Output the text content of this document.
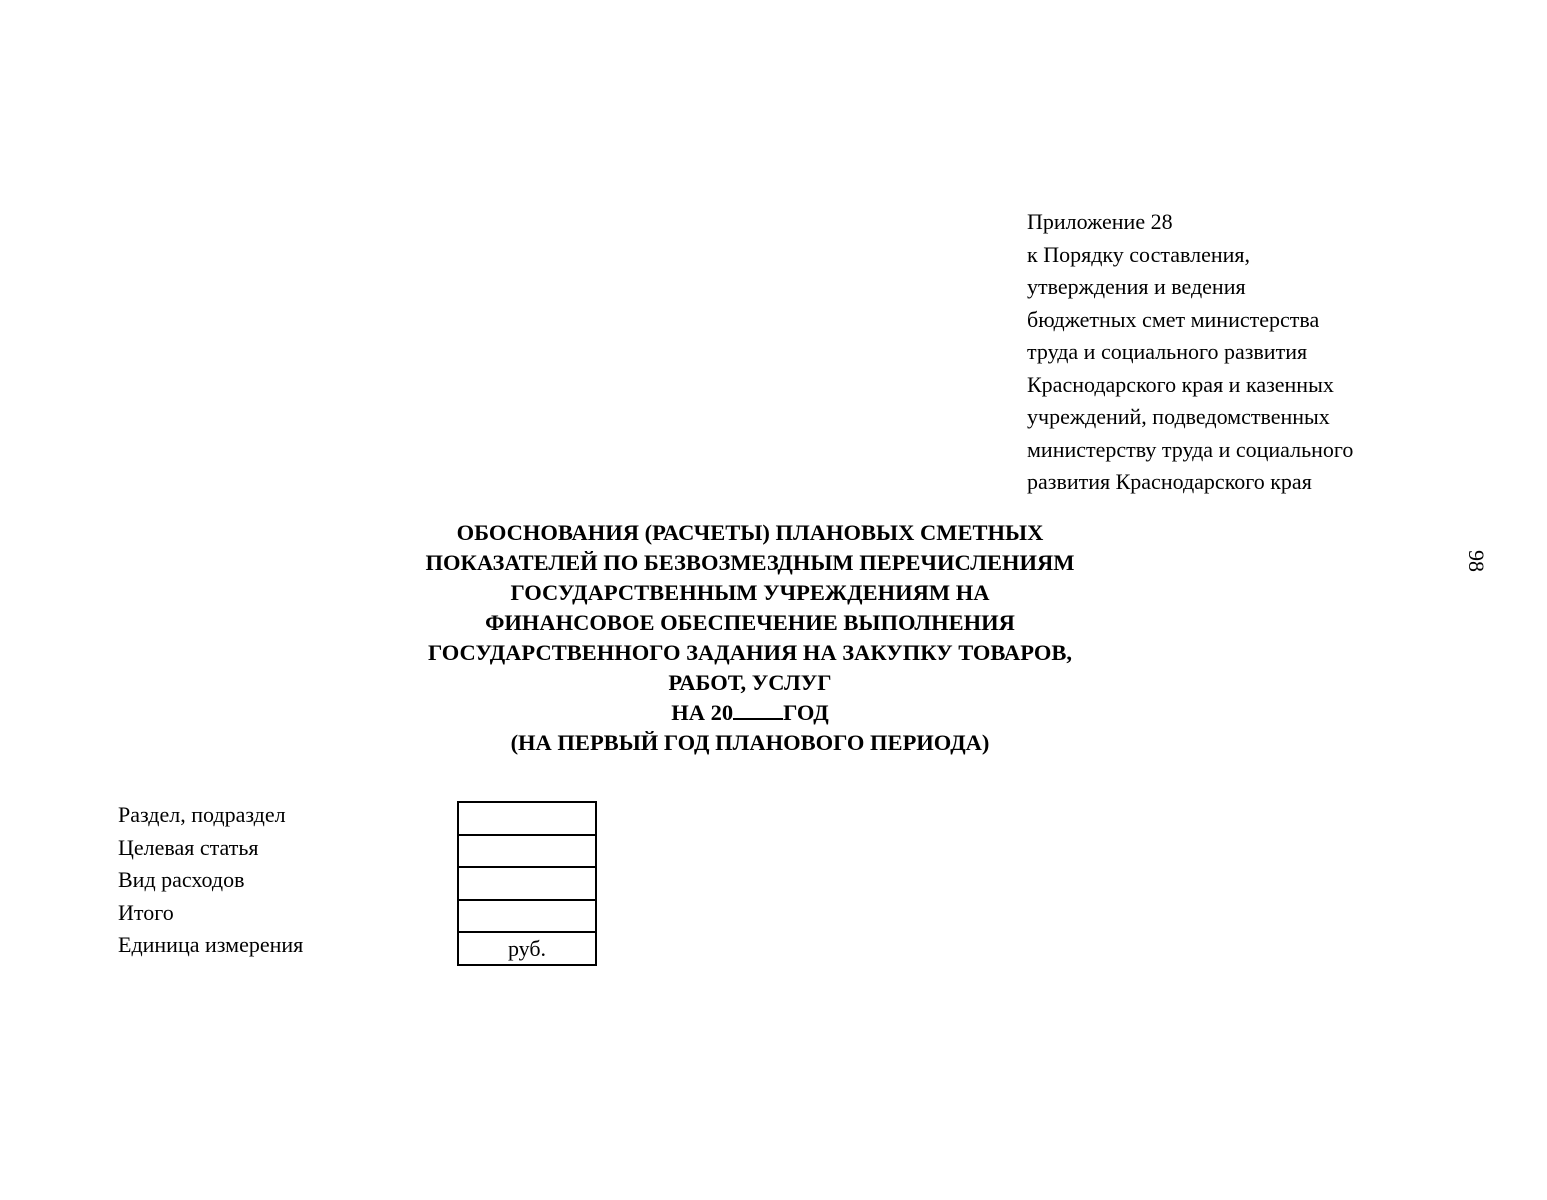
Приложение 28
к Порядку составления,
утверждения и ведения
бюджетных смет министерства
труда и социального развития
Краснодарского края и казенных
учреждений, подведомственных
министерству труда и социального
развития Краснодарского края
98
ОБОСНОВАНИЯ (РАСЧЕТЫ) ПЛАНОВЫХ СМЕТНЫХ
ПОКАЗАТЕЛЕЙ ПО БЕЗВОЗМЕЗДНЫМ ПЕРЕЧИСЛЕНИЯМ
ГОСУДАРСТВЕННЫМ УЧРЕЖДЕНИЯМ НА
ФИНАНСОВОЕ ОБЕСПЕЧЕНИЕ ВЫПОЛНЕНИЯ
ГОСУДАРСТВЕННОГО ЗАДАНИЯ НА ЗАКУПКУ ТОВАРОВ,
РАБОТ, УСЛУГ
НА 20 ГОД
(НА ПЕРВЫЙ ГОД ПЛАНОВОГО ПЕРИОДА)
Раздел, подраздел
Целевая статья
Вид расходов
Итого
Единица измерения	руб.
